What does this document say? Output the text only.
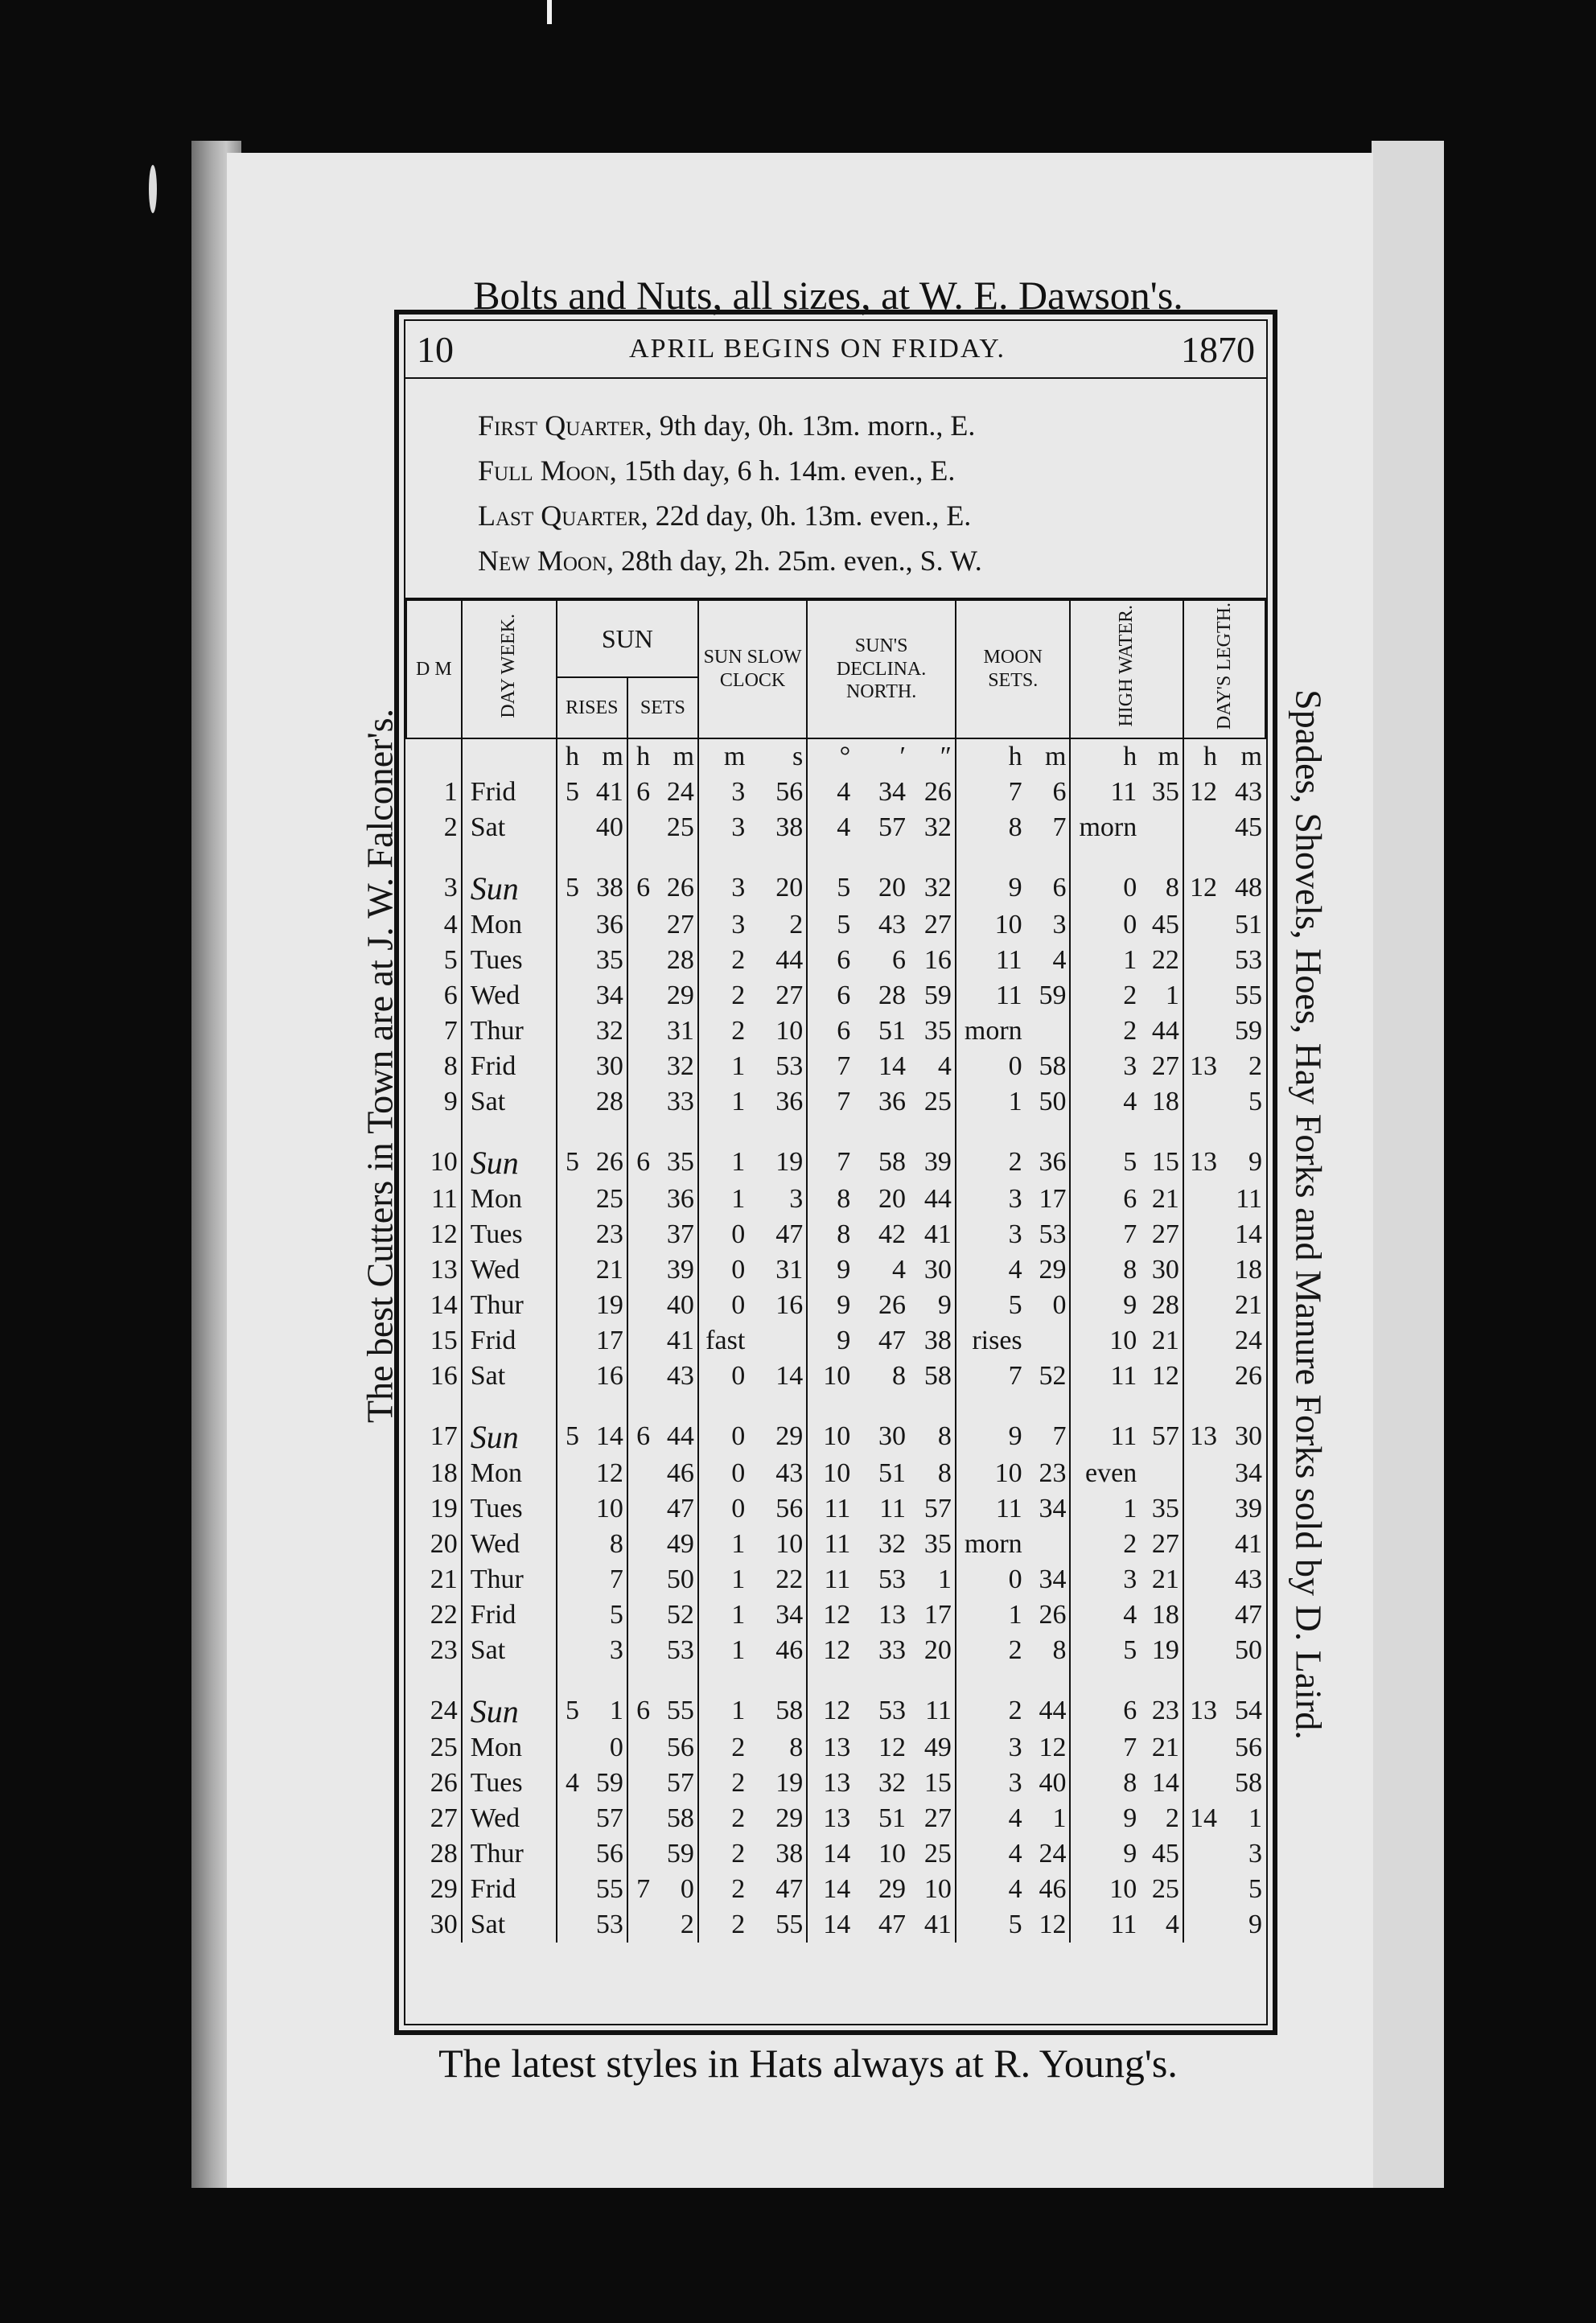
Bolts and Nuts, all sizes, at W. E. Dawson's.
The best Cutters in Town are at J. W. Falconer's.	Spades, Shovels, Hoes, Hay Forks and Manure Forks sold by D. Laird.
10	APRIL BEGINS ON FRIDAY.	1870
First Quarter, 9th day, 0h. 13m. morn., E.
Full Moon, 15th day, 6 h. 14m. even., E.
Last Quarter, 22d day, 0h. 13m. even., E.
New Moon, 28th day, 2h. 25m. even., S. W.
D M	DAY WEEK.	SUN				SUN SLOW CLOCK		SUN'S DECLINA. NORTH.			MOON SETS.		HIGH WATER.		DAY'S LEGTH.	
		RISES		SETS												
		h	m	h	m	m	s	°	′	″	h	m	h	m	h	m
1	Frid	5	41	6	24	3	56	4	34	26	7	6	11	35	12	43
2	Sat		40		25	3	38	4	57	32	8	7	morn			45

3	Sun	5	38	6	26	3	20	5	20	32	9	6	0	8	12	48
4	Mon		36		27	3	2	5	43	27	10	3	0	45		51
5	Tues		35		28	2	44	6	6	16	11	4	1	22		53
6	Wed		34		29	2	27	6	28	59	11	59	2	1		55
7	Thur		32		31	2	10	6	51	35	morn		2	44		59
8	Frid		30		32	1	53	7	14	4	0	58	3	27	13	2
9	Sat		28		33	1	36	7	36	25	1	50	4	18		5

10	Sun	5	26	6	35	1	19	7	58	39	2	36	5	15	13	9
11	Mon		25		36	1	3	8	20	44	3	17	6	21		11
12	Tues		23		37	0	47	8	42	41	3	53	7	27		14
13	Wed		21		39	0	31	9	4	30	4	29	8	30		18
14	Thur		19		40	0	16	9	26	9	5	0	9	28		21
15	Frid		17		41	fast		9	47	38	rises		10	21		24
16	Sat		16		43	0	14	10	8	58	7	52	11	12		26

17	Sun	5	14	6	44	0	29	10	30	8	9	7	11	57	13	30
18	Mon		12		46	0	43	10	51	8	10	23	even			34
19	Tues		10		47	0	56	11	11	57	11	34	1	35		39
20	Wed		8		49	1	10	11	32	35	morn		2	27		41
21	Thur		7		50	1	22	11	53	1	0	34	3	21		43
22	Frid		5		52	1	34	12	13	17	1	26	4	18		47
23	Sat		3		53	1	46	12	33	20	2	8	5	19		50

24	Sun	5	1	6	55	1	58	12	53	11	2	44	6	23	13	54
25	Mon		0		56	2	8	13	12	49	3	12	7	21		56
26	Tues	4	59		57	2	19	13	32	15	3	40	8	14		58
27	Wed		57		58	2	29	13	51	27	4	1	9	2	14	1
28	Thur		56		59	2	38	14	10	25	4	24	9	45		3
29	Frid		55	7	0	2	47	14	29	10	4	46	10	25		5
30	Sat		53		2	2	55	14	47	41	5	12	11	4		9
The latest styles in Hats always at R. Young's.
